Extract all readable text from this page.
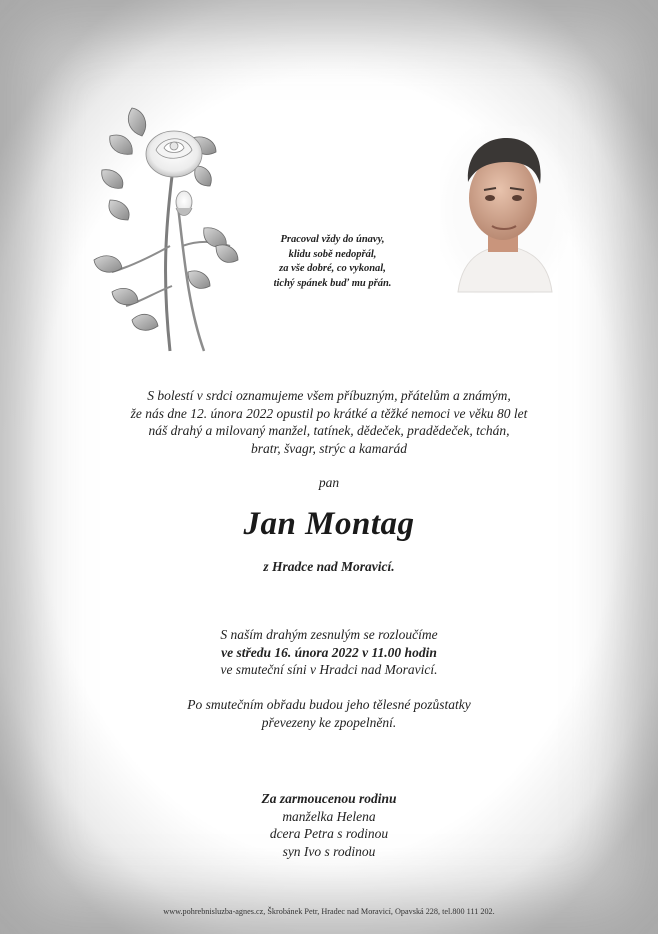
Pracoval vždy do únavy,
klidu sobě nedopřál,
za vše dobré, co vykonal,
tichý spánek buď mu přán.
S bolestí v srdci oznamujeme všem příbuzným, přátelům a známým,
že nás dne 12. února 2022 opustil po krátké a těžké nemoci ve věku 80 let
náš drahý a milovaný manžel, tatínek, dědeček, pradědeček, tchán,
bratr, švagr, strýc a kamarád
pan
Jan Montag
z Hradce nad Moravicí.
S naším drahým zesnulým se rozloučíme
ve středu 16. února 2022 v 11.00 hodin
ve smuteční síni v Hradci nad Moravicí.
Po smutečním obřadu budou jeho tělesné pozůstatky
převezeny ke zpopelnění.
Za zarmoucenou rodinu
manželka Helena
dcera Petra s rodinou
syn Ivo s rodinou
www.pohrebnisluzba-agnes.cz, Škrobánek Petr, Hradec nad Moravicí, Opavská 228, tel.800 111 202.
